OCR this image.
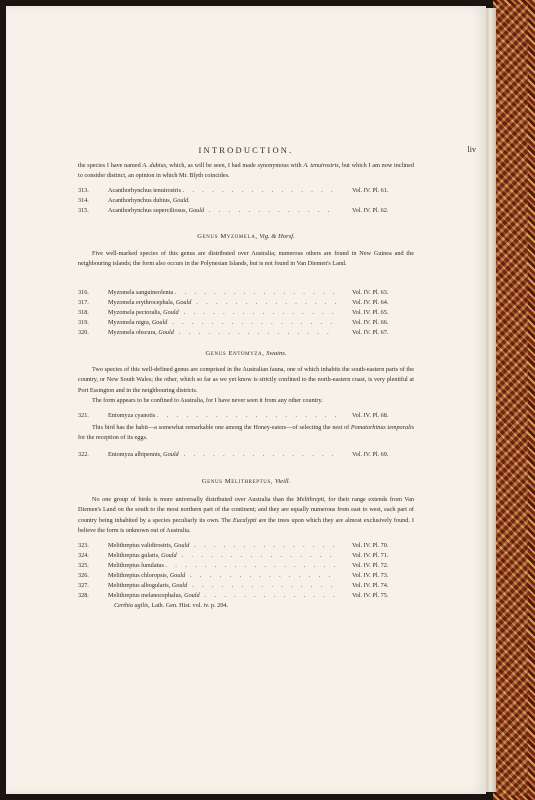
INTRODUCTION.	liv

the species I have named A. dubius, which, as will be seen, I had made synonymous with A. tenuirostris, but which I am now inclined to consider distinct, an opinion in which Mr. Blyth coincides.

313.	Acanthorhynchus tenuirostris . . .	Vol. IV. Pl. 61.
314.	Acanthorhynchus dubius, Gould.
315.	Acanthorhynchus superciliosus, Gould . . .	Vol. IV. Pl. 62.
Genus Myzomela, Vig. & Horsf.

Five well-marked species of this genus are distributed over Australia; numerous others are found in New Guinea and the neighbouring islands; the form also occurs in the Polynesian Islands, but is not found in Van Diemen's Land.

316.	Myzomela sanguineolenta . . .	Vol. IV. Pl. 63.
317.	Myzomela erythrocephala, Gould . . .	Vol. IV. Pl. 64.
318.	Myzomela pectoralis, Gould . . .	Vol. IV. Pl. 65.
319.	Myzomela nigra, Gould . . .	Vol. IV. Pl. 66.
320.	Myzomela obscura, Gould . . .	Vol. IV. Pl. 67.
Genus Entomyza, Swains.

Two species of this well-defined genus are comprised in the Australian fauna, one of which inhabits the south-eastern parts of the country, or New South Wales; the other, which so far as we yet know is strictly confined to the north-eastern coast, is very plentiful at Port Essington and in the neighbouring districts.

The form appears to be confined to Australia, for I have never seen it from any other country.

321.	Entomyza cyanotis . . .	Vol. IV. Pl. 68.

This bird has the habit—a somewhat remarkable one among the Honey-eaters—of selecting the nest of Pomatorhinus temporalis for the reception of its eggs.

322.	Entomyza albipennis, Gould . . .	Vol. IV. Pl. 69.
Genus Melithreptus, Vieill.

No one group of birds is more universally distributed over Australia than the Melithrepti, for their range extends from Van Diemen's Land on the south to the most northern part of the continent; and they are equally numerous from east to west, each part of country being inhabited by a species peculiarly its own. The Eucalypti are the trees upon which they are almost exclusively found. I believe the form is unknown out of Australia.

323.	Melithreptus validirostris, Gould . . .	Vol. IV. Pl. 70.
324.	Melithreptus gularis, Gould . . .	Vol. IV. Pl. 71.
325.	Melithreptus lunulatus . . .	Vol. IV. Pl. 72.
326.	Melithreptus chloropsis, Gould . . .	Vol. IV. Pl. 73.
327.	Melithreptus albogularis, Gould . . .	Vol. IV. Pl. 74.
328.	Melithreptus melanocephalus, Gould . . .	Vol. IV. Pl. 75.
Certhia agilis, Lath. Gen. Hist. vol. iv. p. 204.
